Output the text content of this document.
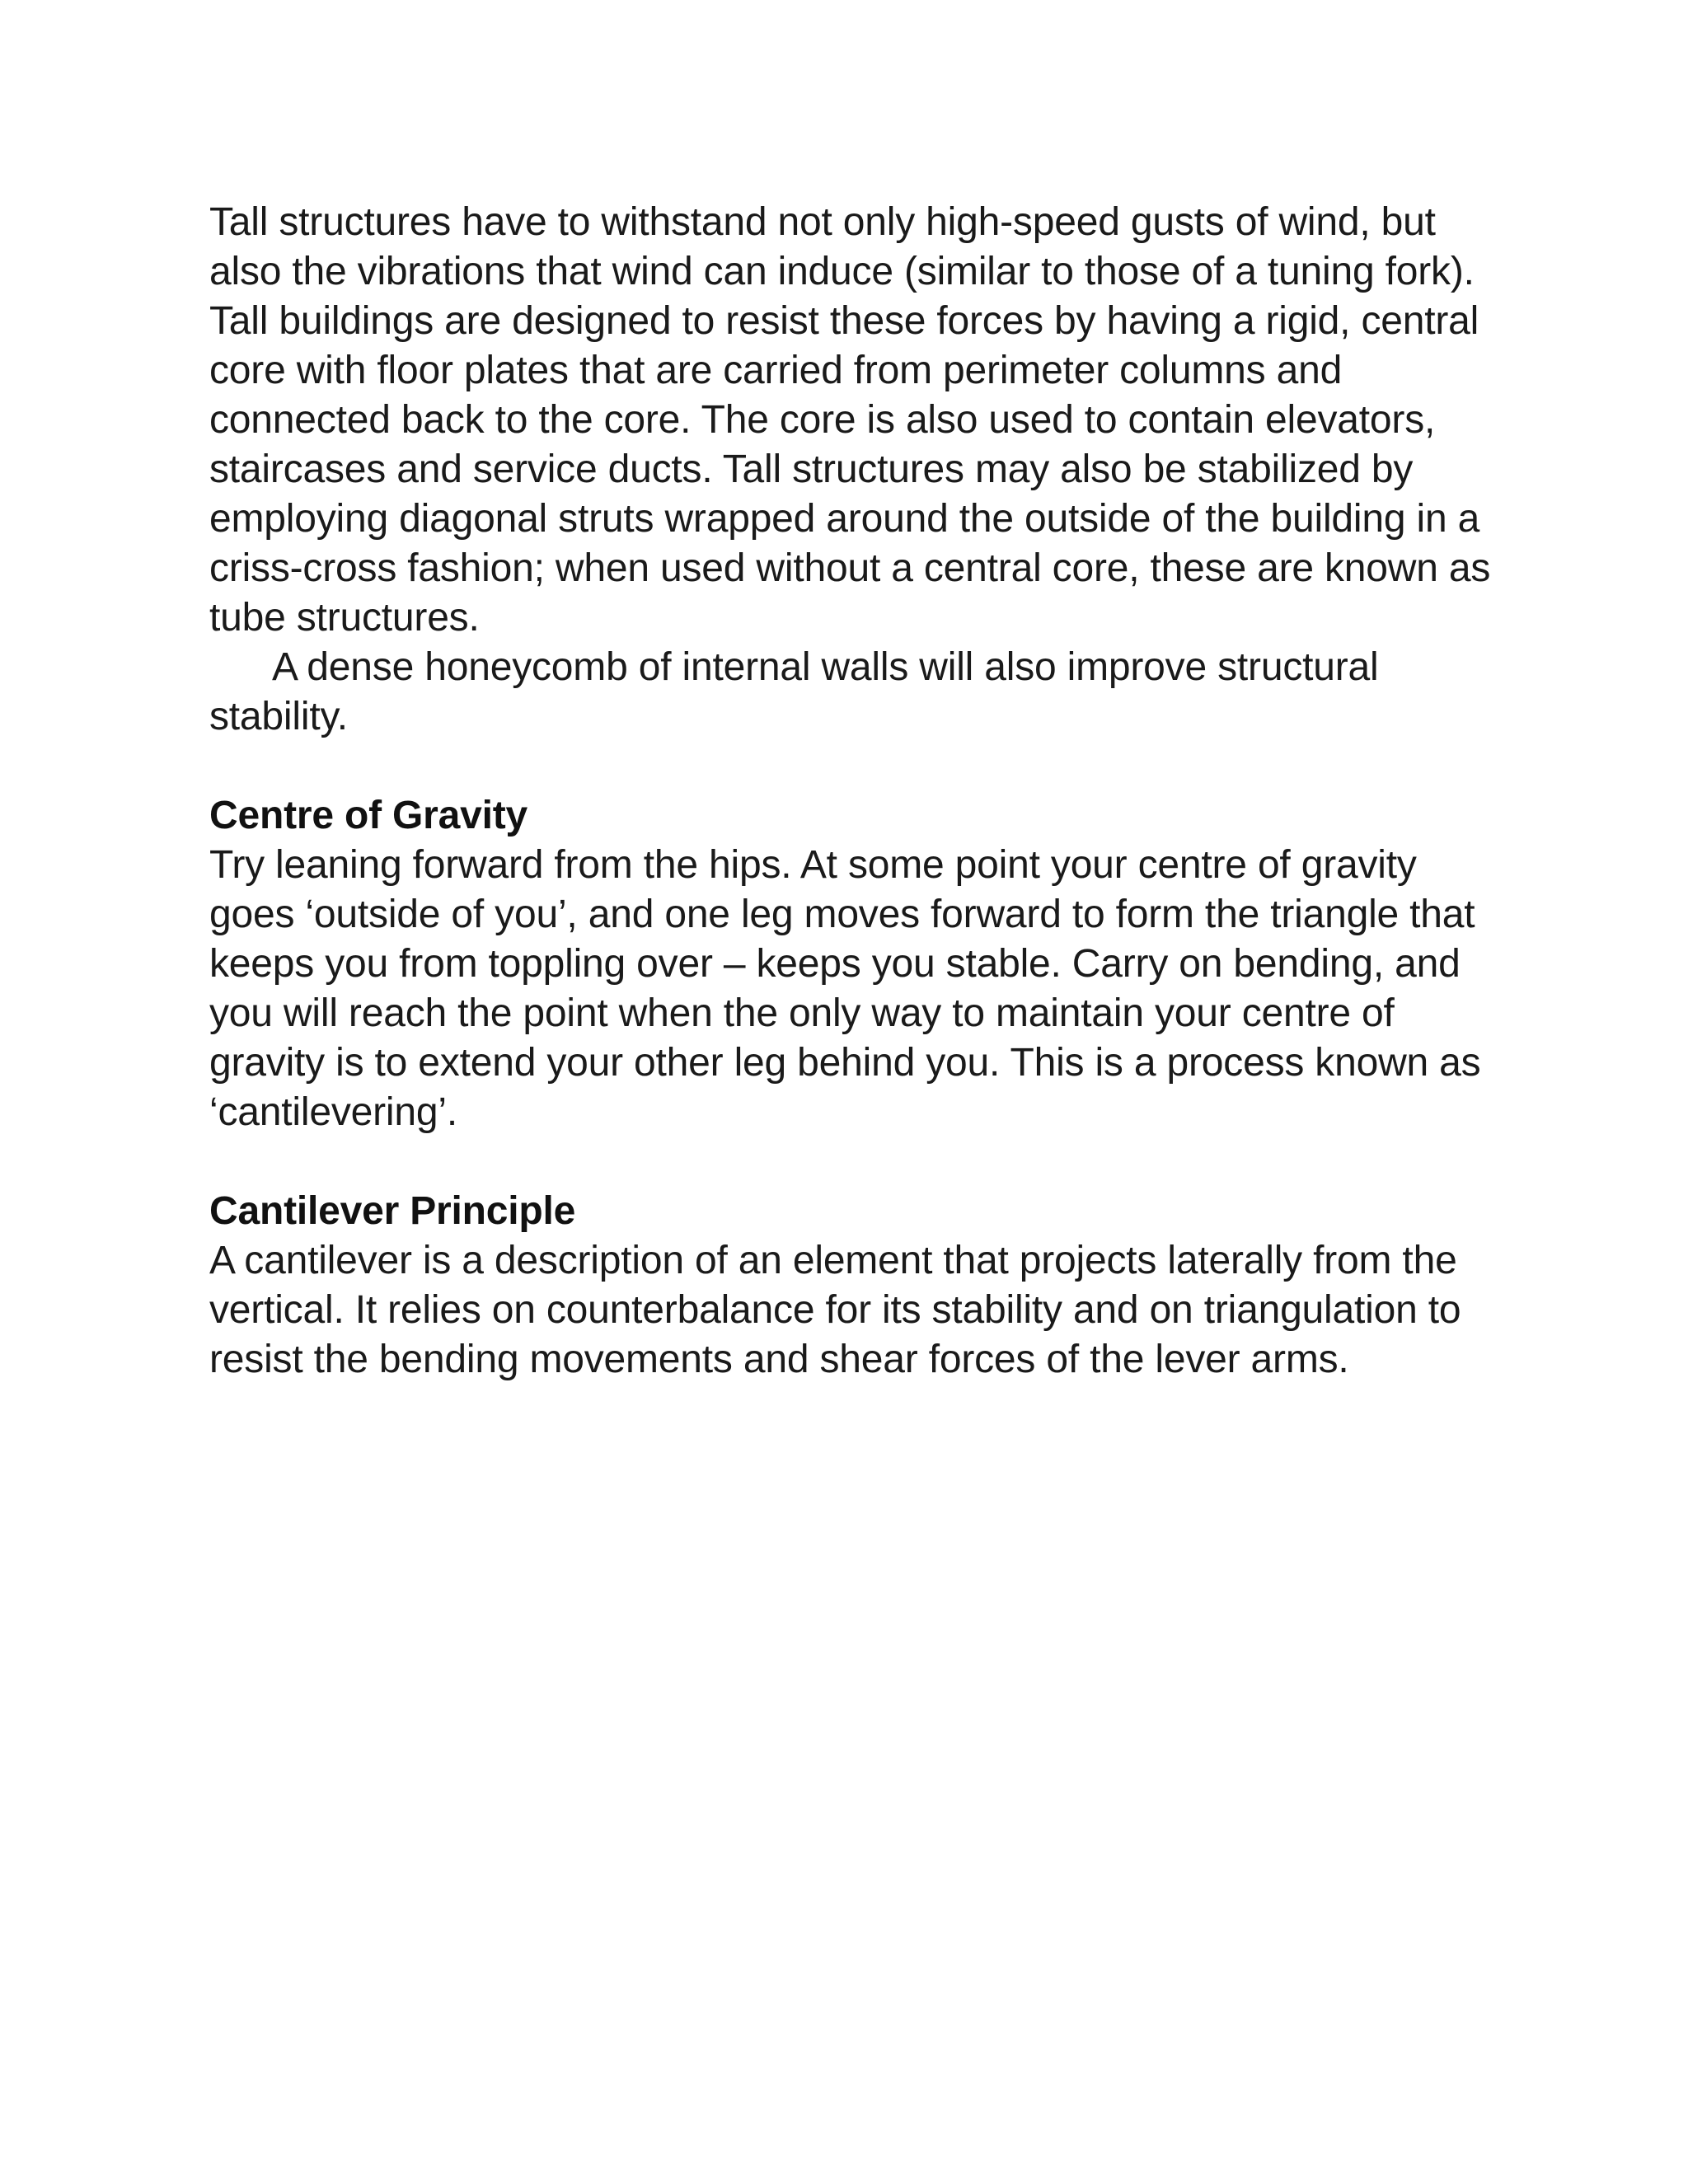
Tall structures have to withstand not only high-speed gusts of wind, but also the vibrations that wind can induce (similar to those of a tuning fork). Tall buildings are designed to resist these forces by having a rigid, central core with floor plates that are carried from perimeter columns and connected back to the core. The core is also used to contain elevators, staircases and service ducts. Tall structures may also be stabilized by employing diagonal struts wrapped around the outside of the building in a criss-cross fashion; when used without a central core, these are known as tube structures.

A dense honeycomb of internal walls will also improve structural stability.

Centre of Gravity

Try leaning forward from the hips. At some point your centre of gravity goes ‘outside of you’, and one leg moves forward to form the triangle that keeps you from toppling over – keeps you stable. Carry on bending, and you will reach the point when the only way to maintain your centre of gravity is to extend your other leg behind you. This is a process known as ‘cantilevering’.

Cantilever Principle

A cantilever is a description of an element that projects laterally from the vertical. It relies on counterbalance for its stability and on triangulation to resist the bending movements and shear forces of the lever arms.
